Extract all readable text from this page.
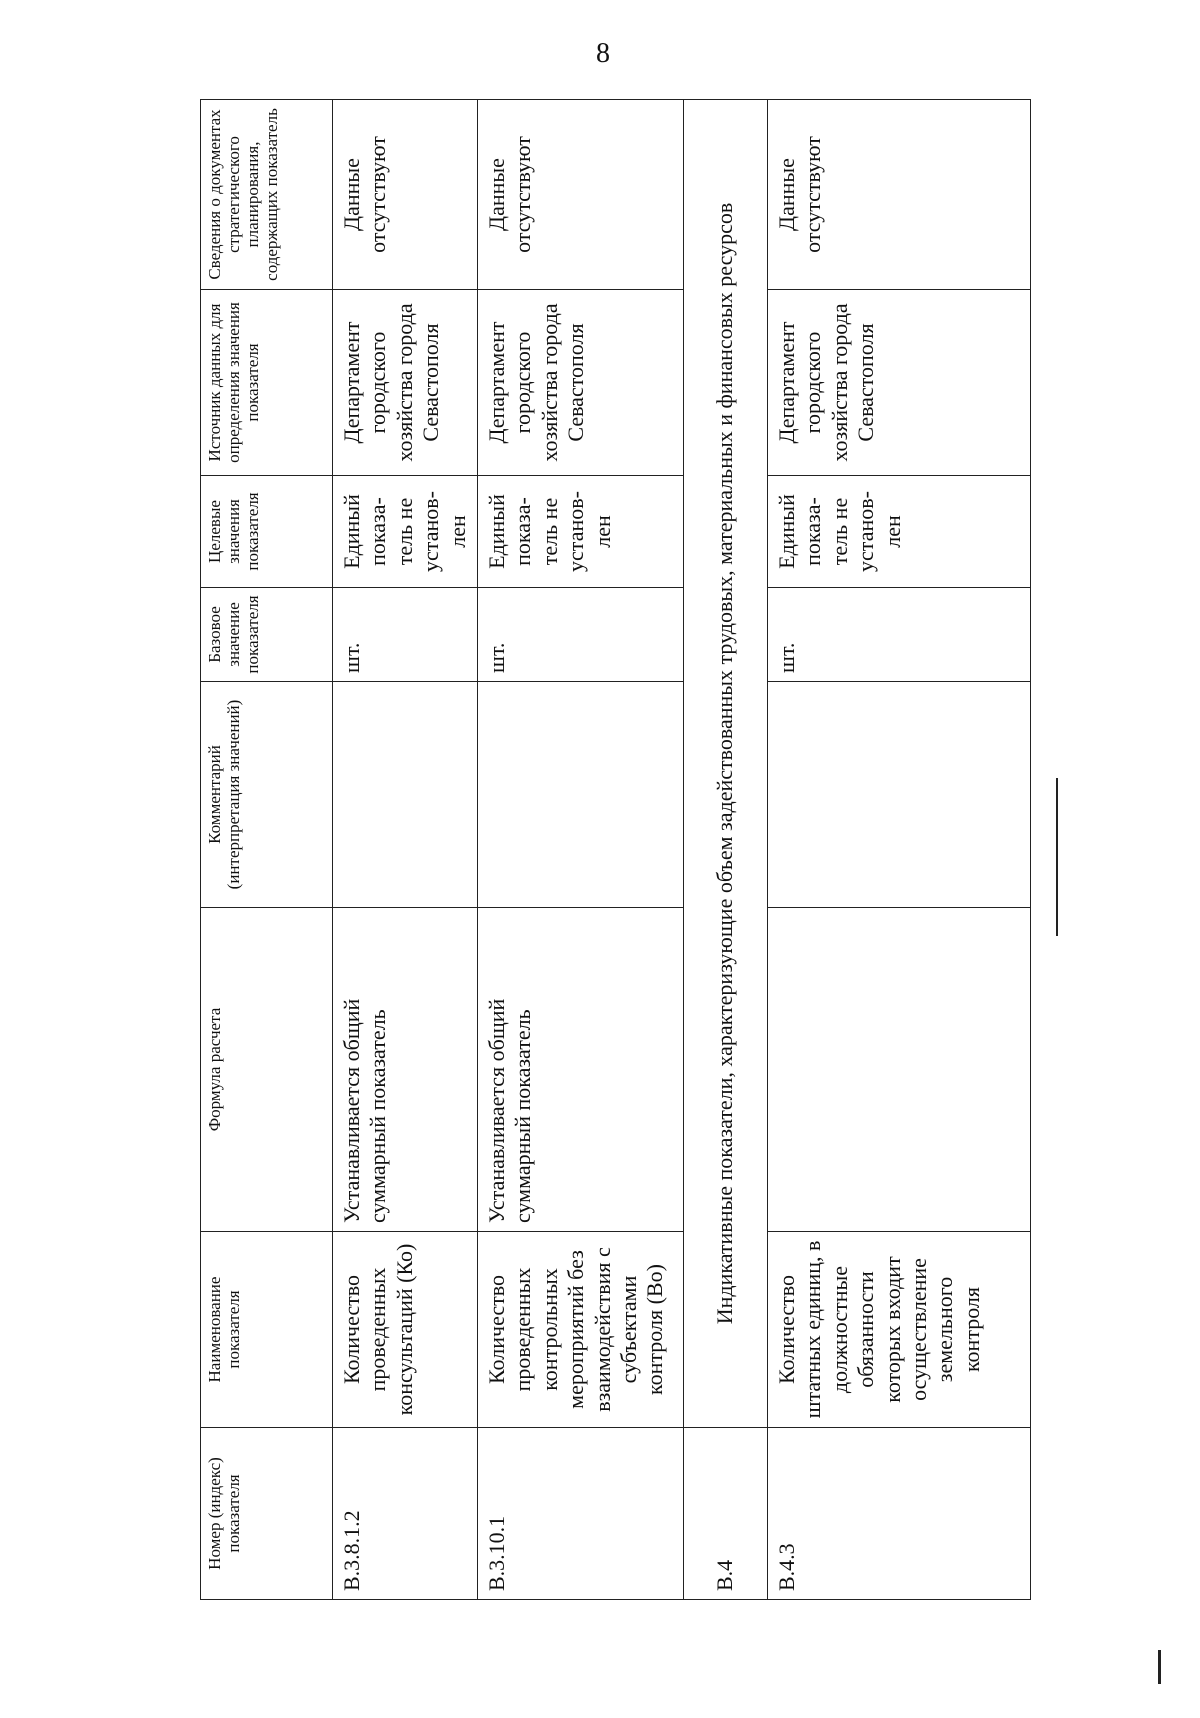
8
Номер (индекс) показателя	Наименование показателя	Формула расчета	Комментарий (интерпретация значений)	Базовое значение показателя	Целевые значения показателя	Источник данных для определения значения показателя	Сведения о документах стратегического планирования, содержащих показатель
В.3.8.1.2	Количество проведенных консультаций (Ко)	Устанавливается общий суммарный показатель		шт.	Единый показа-тель не установ-лен	Департамент городского хозяйства города Севастополя	Данные отсутствуют
В.3.10.1	Количество проведенных контрольных мероприятий без взаимодействия с субъектами контроля (Во)	Устанавливается общий суммарный показатель		шт.	Единый показа-тель не установ-лен	Департамент городского хозяйства города Севастополя	Данные отсутствуют
В.4	Индикативные показатели, характеризующие объем задействованных трудовых, материальных и финансовых ресурсов						
В.4.3	Количество штатных единиц, в должностные обязанности которых входит осуществление земельного контроля			шт.	Единый показа-тель не установ-лен	Департамент городского хозяйства города Севастополя	Данные отсутствуют
